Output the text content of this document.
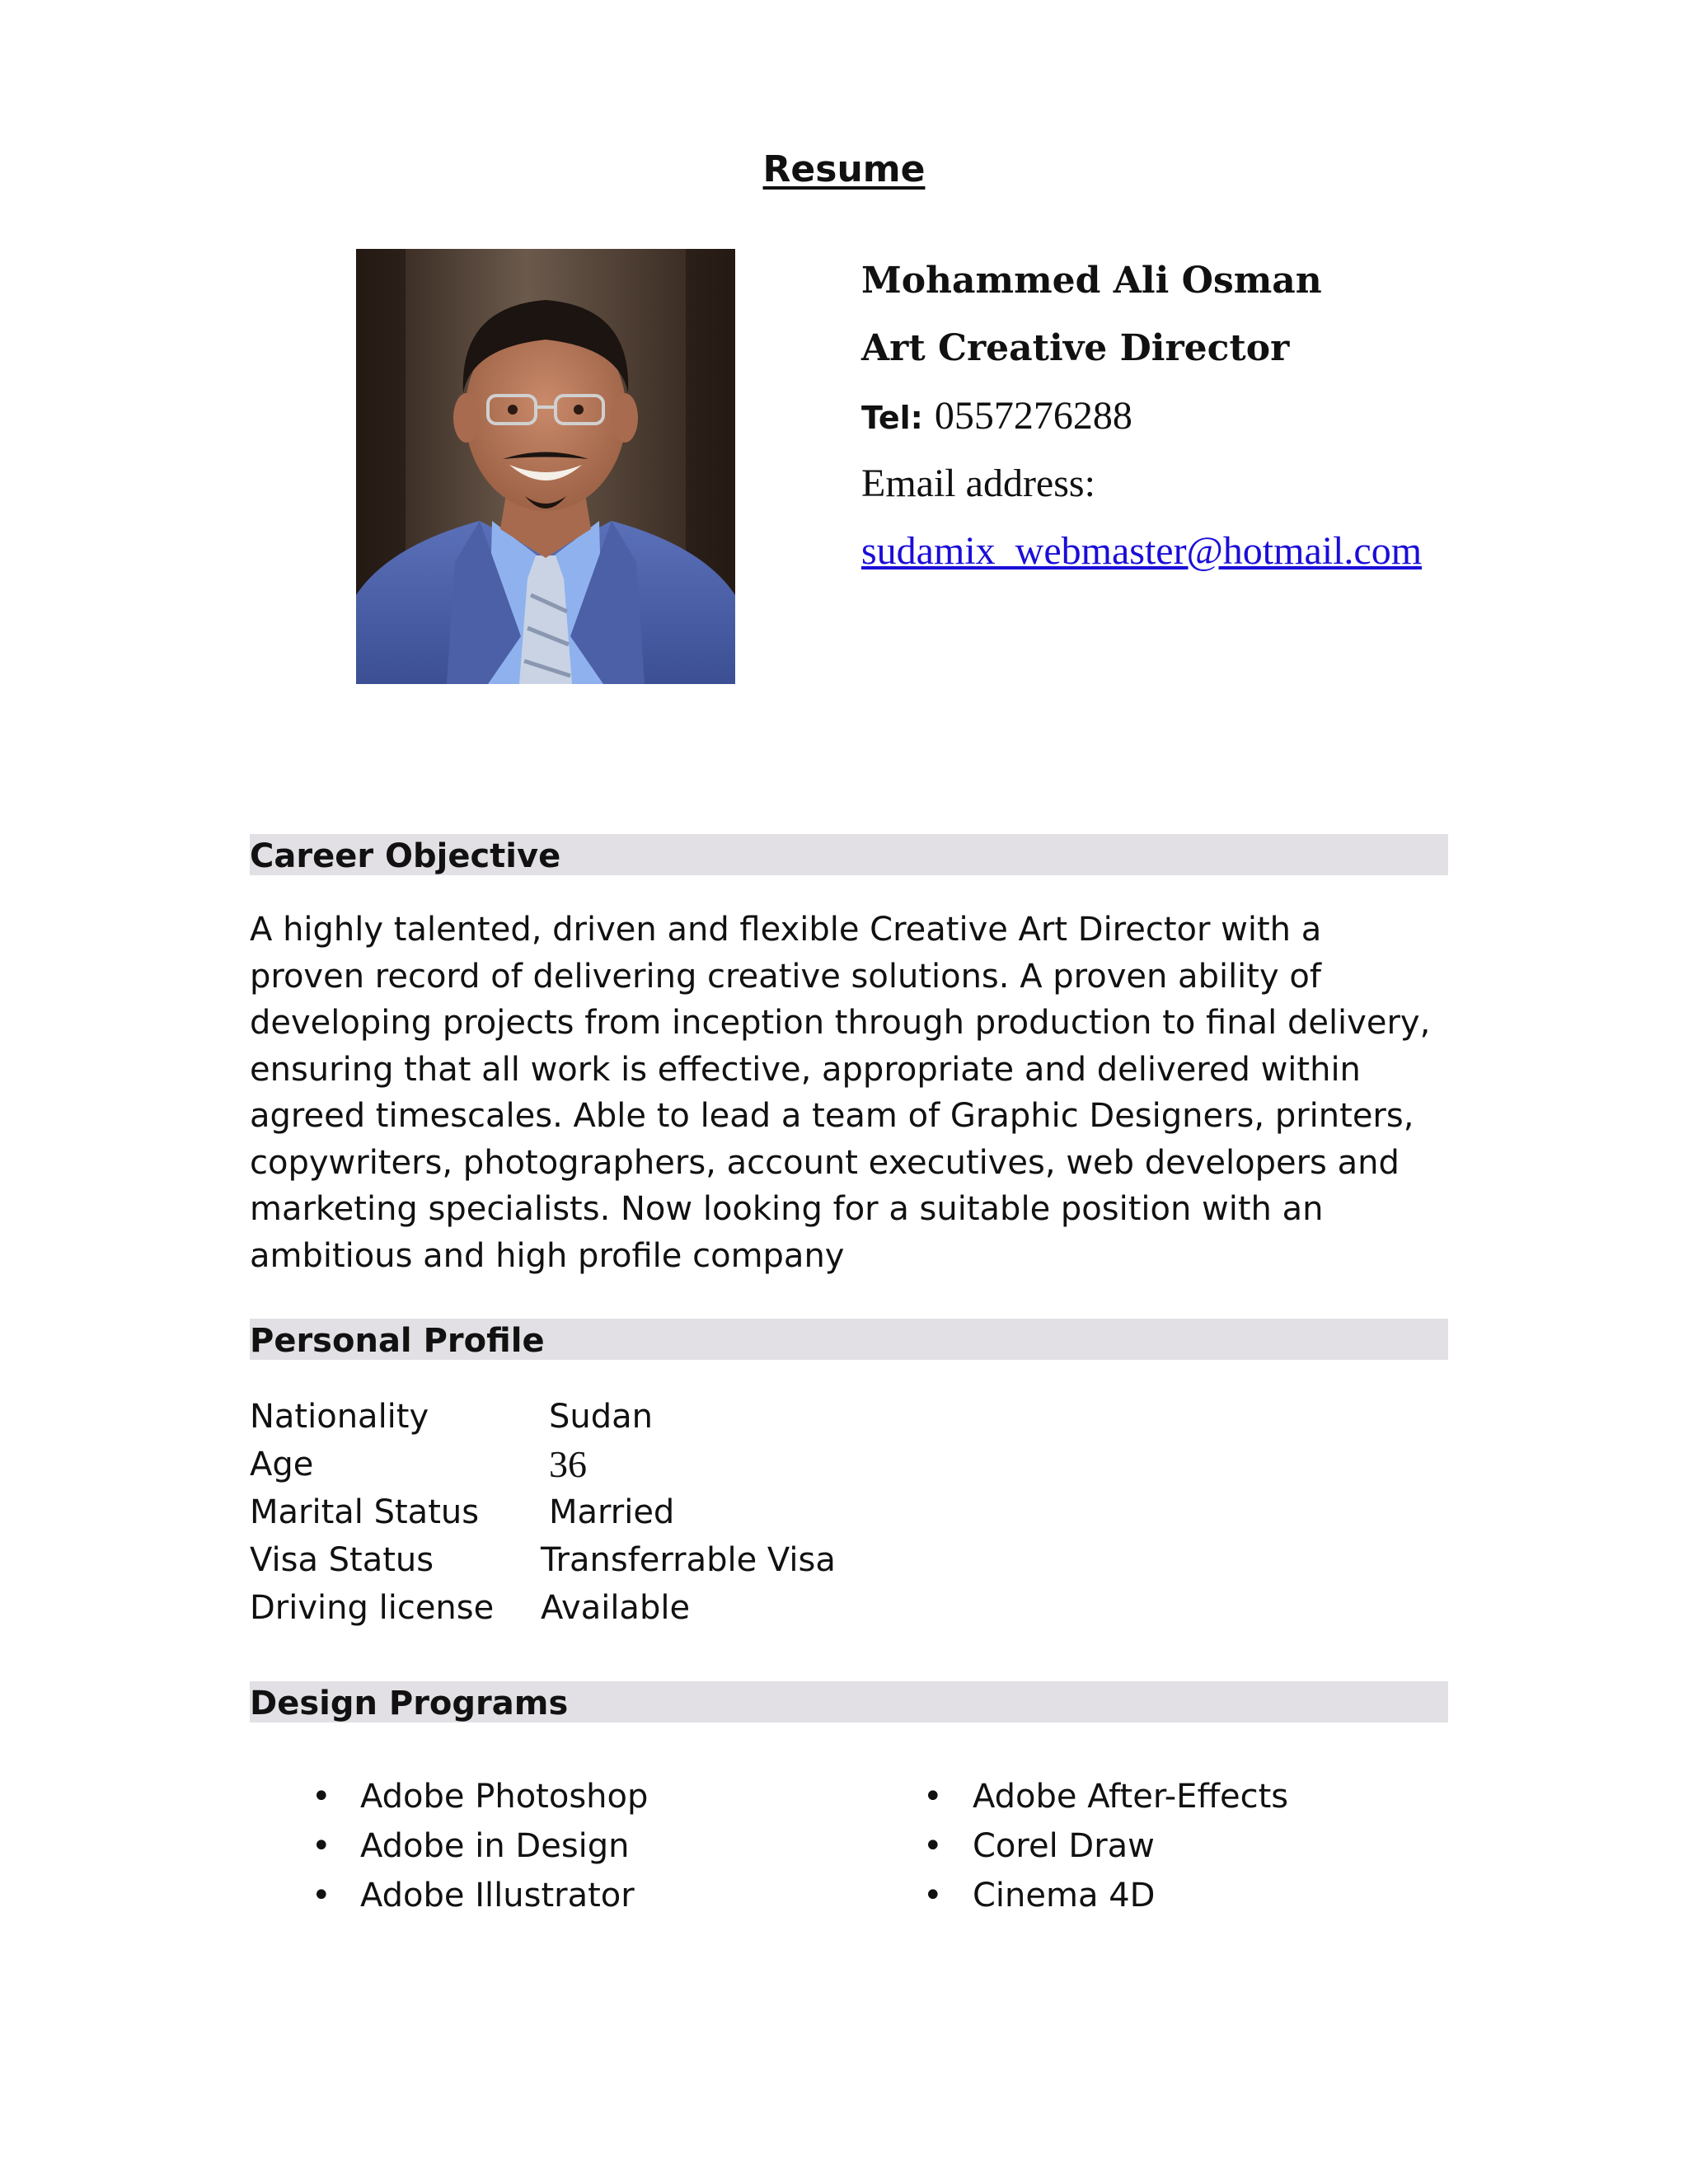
Resume
Mohammed Ali Osman
Art Creative Director
Tel: 0557276288
Email address:
sudamix_webmaster@hotmail.com
Career Objective
A highly talented, driven and flexible Creative Art Director with a
proven record of delivering creative solutions. A proven ability of
developing projects from inception through production to final delivery,
ensuring that all work is effective, appropriate and delivered within
agreed timescales. Able to lead a team of Graphic Designers, printers,
copywriters, photographers, account executives, web developers and
marketing specialists. Now looking for a suitable position with an
ambitious and high profile company
Personal Profile
Nationality	Sudan
Age	36
Marital Status Married
Visa Status	Transferrable Visa
Driving license Available
Design Programs
• Adobe Photoshop
• Adobe in Design
• Adobe Illustrator
• Adobe After-Effects
• Corel Draw
• Cinema 4D
